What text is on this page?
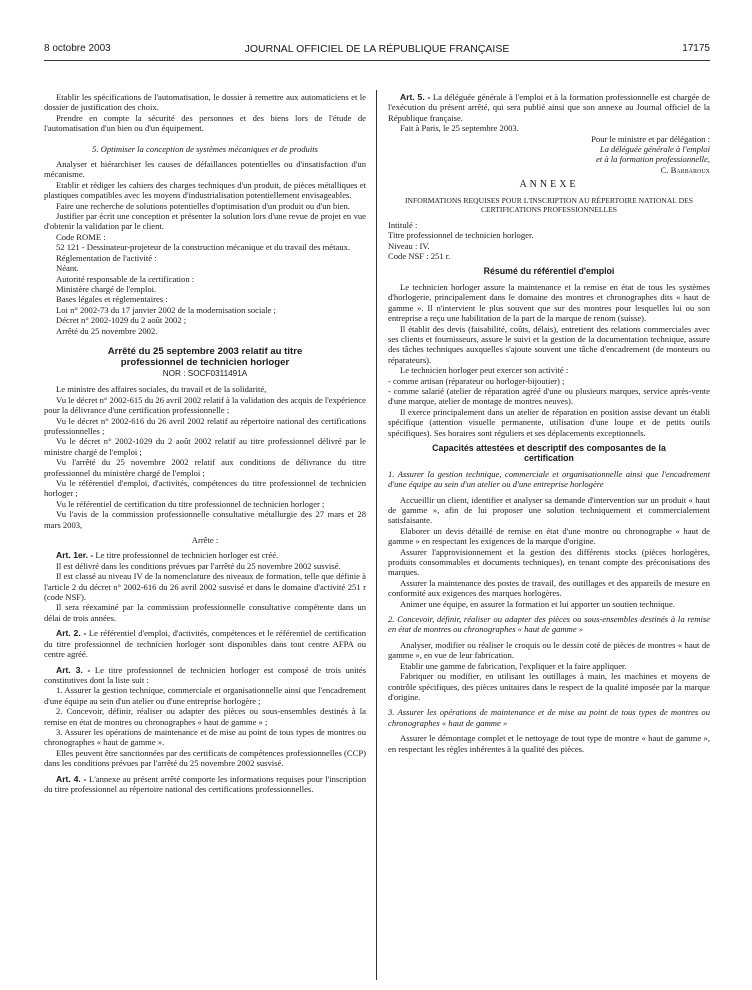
8 octobre 2003	JOURNAL OFFICIEL DE LA RÉPUBLIQUE FRANÇAISE	17175

Etablir les spécifications de l'automatisation, le dossier à remettre aux automaticiens et le dossier de justification des choix.

Prendre en compte la sécurité des personnes et des biens lors de l'étude de l'automatisation d'un bien ou d'un équipement.

5. Optimiser la conception de systèmes mécaniques et de produits

Analyser et hiérarchiser les causes de défaillances potentielles ou d'insatisfaction d'un mécanisme.

Etablir et rédiger les cahiers des charges techniques d'un produit, de pièces métalliques et plastiques compatibles avec les moyens d'industrialisation potentiellement envisageables.

Faire une recherche de solutions potentielles d'optimisation d'un produit ou d'un bien.

Justifier par écrit une conception et présenter la solution lors d'une revue de projet en vue d'obtenir la validation par le client.

Code ROME :

52 121 - Dessinateur-projeteur de la construction mécanique et du travail des métaux.

Réglementation de l'activité :

Néant.

Autorité responsable de la certification :

Ministère chargé de l'emploi.

Bases légales et réglementaires :

Loi n° 2002-73 du 17 janvier 2002 de la modernisation sociale ;

Décret n° 2002-1029 du 2 août 2002 ;

Arrêté du 25 novembre 2002.

Arrêté du 25 septembre 2003 relatif au titre professionnel de technicien horloger
NOR : SOCF0311491A

Le ministre des affaires sociales, du travail et de la solidarité,

Vu le décret n° 2002-615 du 26 avril 2002 relatif à la validation des acquis de l'expérience pour la délivrance d'une certification professionnelle ;

Vu le décret n° 2002-616 du 26 avril 2002 relatif au répertoire national des certifications professionnelles ;

Vu le décret n° 2002-1029 du 2 août 2002 relatif au titre professionnel délivré par le ministre chargé de l'emploi ;

Vu l'arrêté du 25 novembre 2002 relatif aux conditions de délivrance du titre professionnel du ministère chargé de l'emploi ;

Vu le référentiel d'emploi, d'activités, compétences du titre professionnel de technicien horloger ;

Vu le référentiel de certification du titre professionnel de technicien horloger ;

Vu l'avis de la commission professionnelle consultative métallurgie des 27 mars et 28 mars 2003,

Arrête :

Art. 1er. - Le titre professionnel de technicien horloger est créé.

Il est délivré dans les conditions prévues par l'arrêté du 25 novembre 2002 susvisé.

Il est classé au niveau IV de la nomenclature des niveaux de formation, telle que définie à l'article 2 du décret n° 2002-616 du 26 avril 2002 susvisé et dans le domaine d'activité 251 r (code NSF).

Il sera réexaminé par la commission professionnelle consultative compétente dans un délai de trois années.

Art. 2. - Le référentiel d'emploi, d'activités, compétences et le référentiel de certification du titre professionnel de technicien horloger sont disponibles dans tout centre AFPA ou centre agréé.

Art. 3. - Le titre professionnel de technicien horloger est composé de trois unités constitutives dont la liste suit :

1. Assurer la gestion technique, commerciale et organisationnelle ainsi que l'encadrement d'une équipe au sein d'un atelier ou d'une entreprise horlogère ;

2. Concevoir, définir, réaliser ou adapter des pièces ou sous-ensembles destinés à la remise en état de montres ou chronographes « haut de gamme » ;

3. Assurer les opérations de maintenance et de mise au point de tous types de montres ou chronographes « haut de gamme ».

Elles peuvent être sanctionnées par des certificats de compétences professionnelles (CCP) dans les conditions prévues par l'arrêté du 25 novembre 2002 susvisé.

Art. 4. - L'annexe au présent arrêté comporte les informations requises pour l'inscription du titre professionnel au répertoire national des certifications professionnelles.

Art. 5. - La déléguée générale à l'emploi et à la formation professionnelle est chargée de l'exécution du présent arrêté, qui sera publié ainsi que son annexe au Journal officiel de la République française.

Fait à Paris, le 25 septembre 2003.

Pour le ministre et par délégation :
La déléguée générale à l'emploi
et à la formation professionnelle,
C. Barbaroux
ANNEXE
INFORMATIONS REQUISES POUR L'INSCRIPTION AU RÉPERTOIRE NATIONAL DES CERTIFICATIONS PROFESSIONNELLES

Intitulé :

Titre professionnel de technicien horloger.

Niveau : IV.

Code NSF : 251 r.

Résumé du référentiel d'emploi

Le technicien horloger assure la maintenance et la remise en état de tous les systèmes d'horlogerie, principalement dans le domaine des montres et chronographes dits « haut de gamme ». Il n'intervient le plus souvent que sur des montres pour lesquelles lui ou son entreprise a reçu une habilitation de la part de la marque de renom (suisse).

Il établit des devis (faisabilité, coûts, délais), entretient des relations commerciales avec ses clients et fournisseurs, assure le suivi et la gestion de la documentation technique, assure des tâches techniques auxquelles s'ajoute souvent une tâche d'encadrement (de monteurs ou réparateurs).

Le technicien horloger peut exercer son activité :

- comme artisan (réparateur ou horloger-bijoutier) ;

- comme salarié (atelier de réparation agréé d'une ou plusieurs marques, service après-vente d'une marque, atelier de montage de montres neuves).

Il exerce principalement dans un atelier de réparation en position assise devant un établi spécifique (attention visuelle permanente, utilisation d'une loupe et de petits outils spécifiques). Ses horaires sont réguliers et ses déplacements exceptionnels.

Capacités attestées et descriptif des composantes de la certification

1. Assurer la gestion technique, commerciale et organisationnelle ainsi que l'encadrement d'une équipe au sein d'un atelier ou d'une entreprise horlogère

Accueillir un client, identifier et analyser sa demande d'intervention sur un produit « haut de gamme », afin de lui proposer une solution techniquement et commercialement satisfaisante.

Elaborer un devis détaillé de remise en état d'une montre ou chronographe « haut de gamme » en respectant les exigences de la marque d'origine.

Assurer l'approvisionnement et la gestion des différents stocks (pièces horlogères, produits consommables et documents techniques), en tenant compte des préconisations des marques.

Assurer la maintenance des postes de travail, des outillages et des appareils de mesure en conformité aux exigences des marques horlogères.

Animer une équipe, en assurer la formation et lui apporter un soutien technique.

2. Concevoir, définir, réaliser ou adapter des pièces ou sous-ensembles destinés à la remise en état de montres ou chronographes « haut de gamme »

Analyser, modifier ou réaliser le croquis ou le dessin coté de pièces de montres « haut de gamme », en vue de leur fabrication.

Etablir une gamme de fabrication, l'expliquer et la faire appliquer.

Fabriquer ou modifier, en utilisant les outillages à main, les machines et moyens de contrôle spécifiques, des pièces unitaires dans le respect de la qualité imposée par la marque d'origine.

3. Assurer les opérations de maintenance et de mise au point de tous types de montres ou chronographes « haut de gamme »

Assurer le démontage complet et le nettoyage de tout type de montre « haut de gamme », en respectant les règles inhérentes à la qualité des pièces.
